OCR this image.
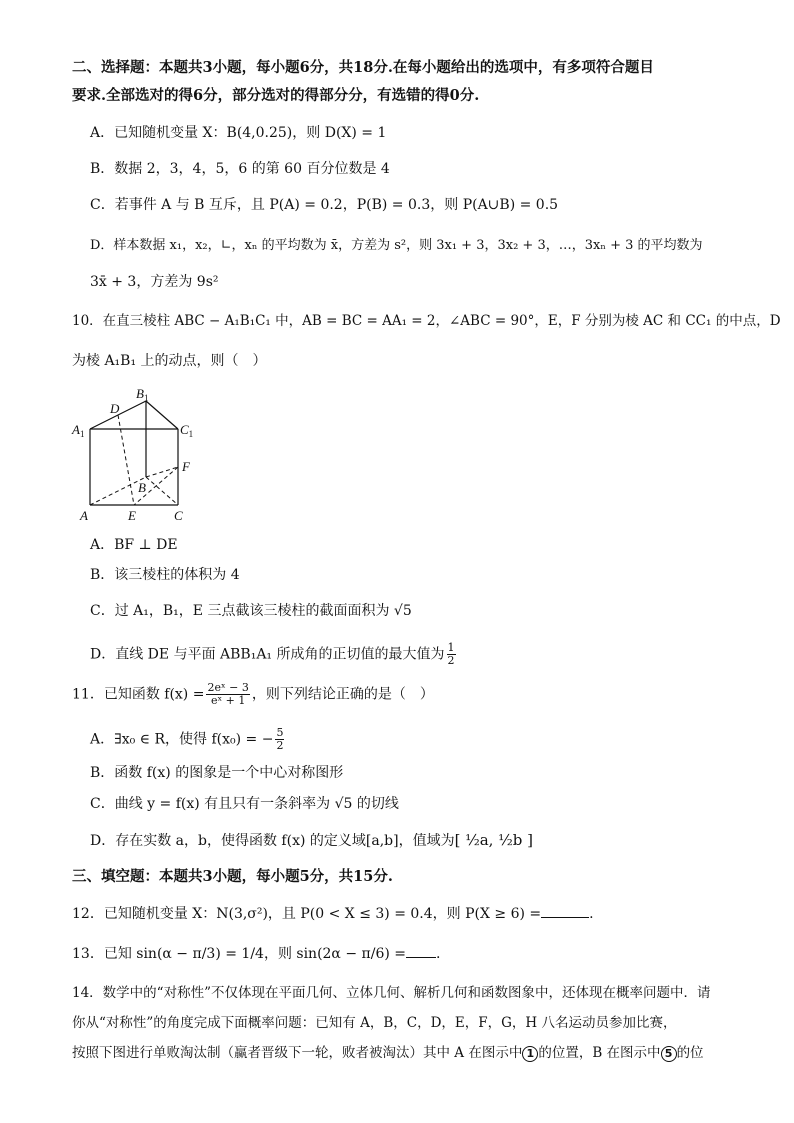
二、选择题：本题共3小题，每小题6分，共18分.在每小题给出的选项中，有多项符合题目
要求.全部选对的得6分，部分选对的得部分分，有选错的得0分.
A．已知随机变量 X：B(4,0.25)，则 D(X) = 1
B．数据 2，3，4，5，6 的第 60 百分位数是 4
C．若事件 A 与 B 互斥，且 P(A) = 0.2，P(B) = 0.3，则 P(A∪B) = 0.5
D．样本数据 x₁，x₂，∟，xₙ 的平均数为 x̄，方差为 s²，则 3x₁ + 3，3x₂ + 3，…，3xₙ + 3 的平均数为
3x̄ + 3，方差为 9s²
10．在直三棱柱 ABC − A₁B₁C₁ 中，AB = BC = AA₁ = 2，∠ABC = 90°，E，F 分别为棱 AC 和 CC₁ 的中点，D
为棱 A₁B₁ 上的动点，则（　）
$B_1$
D
$A_1$	$C_1$
F
B
A	E	C
A．BF ⊥ DE
B．该三棱柱的体积为 4
C．过 A₁，B₁，E 三点截该三棱柱的截面面积为 √5
D．直线 DE 与平面 ABB₁A₁ 所成角的正切值的最大值为 $\frac{1}{2}$
11．已知函数 $f(x) = \frac{\text{2eˣ − 3}}{\text{eˣ + 1}}$ ，则下列结论正确的是（　）
A．∃x₀ ∈ R，使得 f(x₀) = − $\frac{5}{2}$
B．函数 f(x) 的图象是一个中心对称图形
C．曲线 y = f(x) 有且只有一条斜率为 √5 的切线
D．存在实数 a，b，使得函数 f(x) 的定义域[a,b]，值域为[ ½a, ½b ]
三、填空题：本题共3小题，每小题5分，共15分.
12．已知随机变量 X：N(3,σ²)，且 P(0 < X ≤ 3) = 0.4，则 P(X ≥ 6) =	.
13．已知 sin(α − π/3) = 1/4，则 sin(2α − π/6) = .
14．数学中的“对称性”不仅体现在平面几何、立体几何、解析几何和函数图象中，还体现在概率问题中．请
你从“对称性”的角度完成下面概率问题：已知有 A，B，C，D，E，F，G，H 八名运动员参加比赛，
按照下图进行单败淘汰制（赢者晋级下一轮，败者被淘汰）其中 A 在图示中 1 的位置，B 在图示中 5 的位
